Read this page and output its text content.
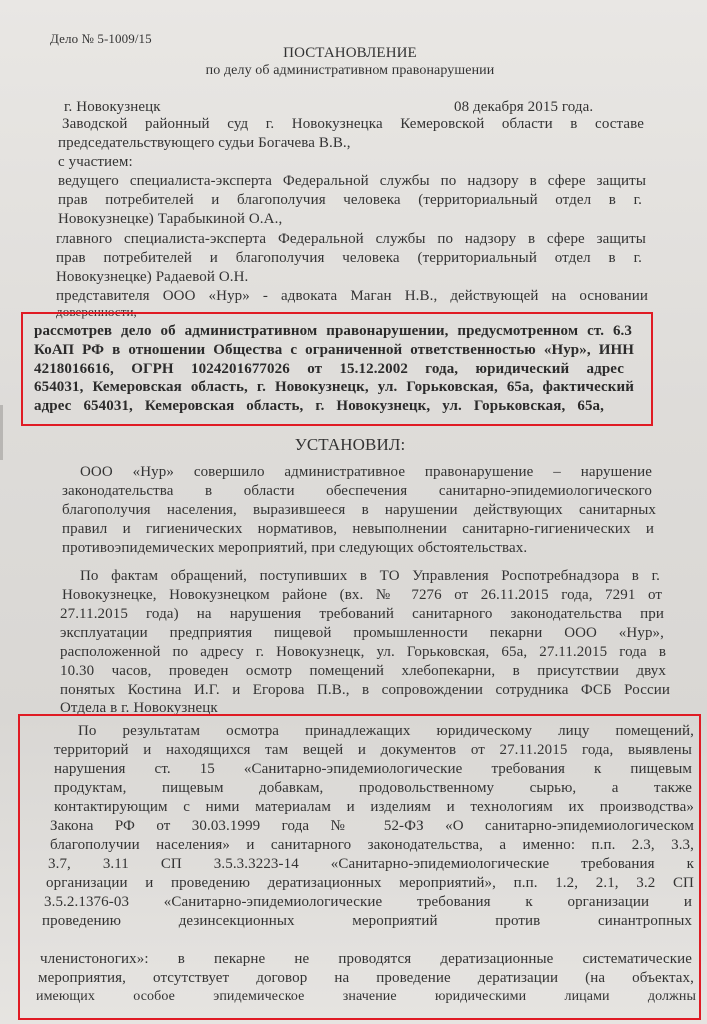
Дело № 5-1009/15
ПОСТАНОВЛЕНИЕ
по делу об административном правонарушении
г. Новокузнецк	08 декабря 2015 года.
Заводской районный суд г. Новокузнецка Кемеровской области в составе
председательствующего судьи Богачева В.В.,
с участием:
ведущего специалиста-эксперта Федеральной службы по надзору в сфере защиты
прав потребителей и благополучия человека (территориальный отдел в г.
Новокузнецке) Тарабыкиной О.А.,
главного специалиста-эксперта Федеральной службы по надзору в сфере защиты
прав потребителей и благополучия человека (территориальный отдел в г.
Новокузнецке) Радаевой О.Н.
представителя ООО «Нур» - адвоката Маган Н.В., действующей на основании
доверенности,
рассмотрев дело об административном правонарушении, предусмотренном ст. 6.3
КоАП РФ в отношении Общества с ограниченной ответственностью «Нур», ИНН
4218016616, ОГРН 1024201677026 от 15.12.2002 года, юридический адрес
654031, Кемеровская область, г. Новокузнецк, ул. Горьковская, 65а, фактический
адрес 654031, Кемеровская область, г. Новокузнецк, ул. Горьковская, 65а,
УСТАНОВИЛ:
ООО «Нур» совершило административное правонарушение – нарушение
законодательства в области обеспечения санитарно-эпидемиологического
благополучия населения, выразившееся в нарушении действующих санитарных
правил и гигиенических нормативов, невыполнении санитарно-гигиенических и
противоэпидемических мероприятий, при следующих обстоятельствах.
По фактам обращений, поступивших в ТО Управления Роспотребнадзора в г.
Новокузнецке, Новокузнецком районе (вх. № 7276 от 26.11.2015 года, 7291 от
27.11.2015 года) на нарушения требований санитарного законодательства при
эксплуатации предприятия пищевой промышленности пекарни ООО «Нур»,
расположенной по адресу г. Новокузнецк, ул. Горьковская, 65а, 27.11.2015 года в
10.30 часов, проведен осмотр помещений хлебопекарни, в присутствии двух
понятых Костина И.Г. и Егорова П.В., в сопровождении сотрудника ФСБ России
Отдела в г. Новокузнецк
По результатам осмотра принадлежащих юридическому лицу помещений,
территорий и находящихся там вещей и документов от 27.11.2015 года, выявлены
нарушения ст. 15 «Санитарно-эпидемиологические требования к пищевым
продуктам, пищевым добавкам, продовольственному сырью, а также
контактирующим с ними материалам и изделиям и технологиям их производства»
Закона РФ от 30.03.1999 года № 52-ФЗ «О санитарно-эпидемиологическом
благополучии населения» и санитарного законодательства, а именно: п.п. 2.3, 3.3,
3.7, 3.11 СП 3.5.3.3223-14 «Санитарно-эпидемиологические требования к
организации и проведению дератизационных мероприятий», п.п. 1.2, 2.1, 3.2 СП
3.5.2.1376-03 «Санитарно-эпидемиологические требования к организации и
проведению дезинсекционных мероприятий против синантропных
членистоногих»: в пекарне не проводятся дератизационные систематические
мероприятия, отсутствует договор на проведение дератизации (на объектах,
имеющих особое эпидемическое значение юридическими лицами должны
